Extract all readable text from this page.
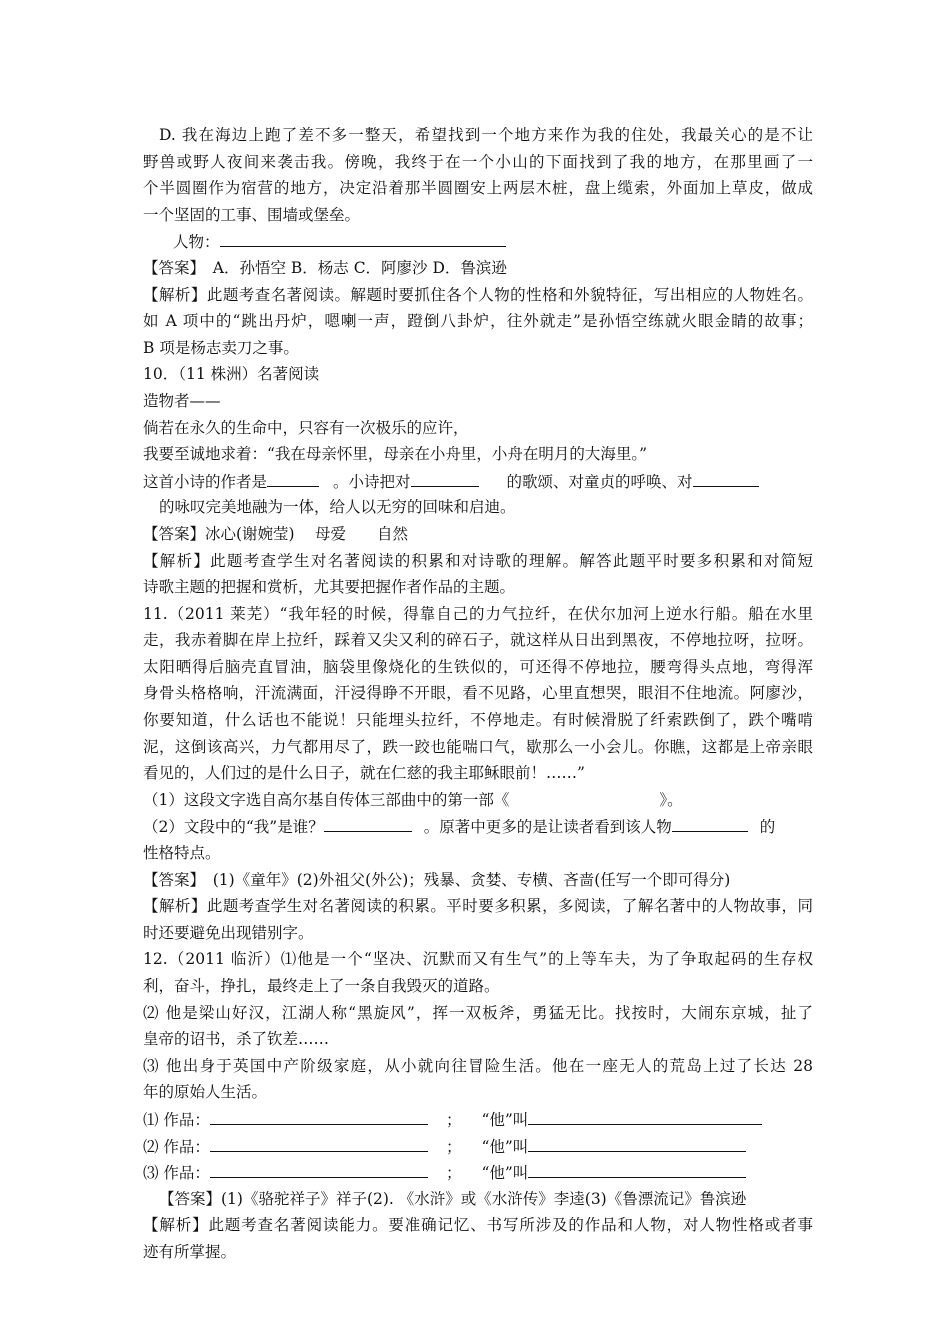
D. 我在海边上跑了差不多一整天，希望找到一个地方来作为我的住处，我最关心的是不让
野兽或野人夜间来袭击我。傍晚，我终于在一个小山的下面找到了我的地方，在那里画了一
个半圆圈作为宿营的地方，决定沿着那半圆圈安上两层木桩，盘上缆索，外面加上草皮，做成
一个坚固的工事、围墙或堡垒。
人物：
【答案】　A．孙悟空 B．杨志 C．阿廖沙 D．鲁滨逊
【解析】此题考查名著阅读。解题时要抓住各个人物的性格和外貌特征，写出相应的人物姓名。
如 A 项中的“跳出丹炉，嗯喇一声，蹬倒八卦炉，往外就走”是孙悟空练就火眼金睛的故事；
B 项是杨志卖刀之事。
10．（11 株洲）名著阅读
造物者——
倘若在永久的生命中，只容有一次极乐的应许，
我要至诚地求着：“我在母亲怀里，母亲在小舟里，小舟在明月的大海里。”
这首小诗的作者是	。小诗把对	的歌颂、对童贞的呼唤、对
的咏叹完美地融为一体，给人以无穷的回味和启迪。
【答案】冰心(谢婉莹)　 母爱　　自然
【解析】此题考查学生对名著阅读的积累和对诗歌的理解。解答此题平时要多积累和对简短
诗歌主题的把握和赏析，尤其要把握作者作品的主题。
11.（2011 莱芜）“我年轻的时候，得靠自己的力气拉纤，在伏尔加河上逆水行船。船在水里
走，我赤着脚在岸上拉纤，踩着又尖又利的碎石子，就这样从日出到黑夜，不停地拉呀，拉呀。
太阳晒得后脑壳直冒油，脑袋里像烧化的生铁似的，可还得不停地拉，腰弯得头点地，弯得浑
身骨头格格响，汗流满面，汗浸得睁不开眼，看不见路，心里直想哭，眼泪不住地流。阿廖沙，
你要知道，什么话也不能说！只能埋头拉纤，不停地走。有时候滑脱了纤索跌倒了，跌个嘴啃
泥，这倒该高兴，力气都用尽了，跌一跤也能喘口气，歇那么一小会儿。你瞧，这都是上帝亲眼
看见的，人们过的是什么日子，就在仁慈的我主耶稣眼前！……”
（1）这段文字选自高尔基自传体三部曲中的第一部《	》。
（2）文段中的“我”是谁？	。原著中更多的是让读者看到该人物	的
性格特点。
【答案】　(1)《童年》(2)外祖父(外公)；残暴、贪婪、专横、吝啬(任写一个即可得分)
【解析】此题考查学生对名著阅读的积累。平时要多积累，多阅读，了解名著中的人物故事，同
时还要避免出现错别字。
12.（2011 临沂）⑴他是一个“坚决、沉默而又有生气”的上等车夫，为了争取起码的生存权
利，奋斗，挣扎，最终走上了一条自我毁灭的道路。
⑵ 他是梁山好汉，江湖人称“黑旋风”，挥一双板斧，勇猛无比。找按时，大闹东京城，扯了
皇帝的诏书，杀了钦差……
⑶ 他出身于英国中产阶级家庭，从小就向往冒险生活。他在一座无人的荒岛上过了长达 28
年的原始人生活。
⑴ 作品：	； “他”叫
⑵ 作品：	； “他”叫
⑶ 作品：	； “他”叫
【答案】(1)《骆驼祥子》祥子(2). 《水浒》或《水浒传》李逵(3)《鲁漂流记》鲁滨逊
【解析】此题考查名著阅读能力。要准确记忆、书写所涉及的作品和人物，对人物性格或者事
迹有所掌握。
